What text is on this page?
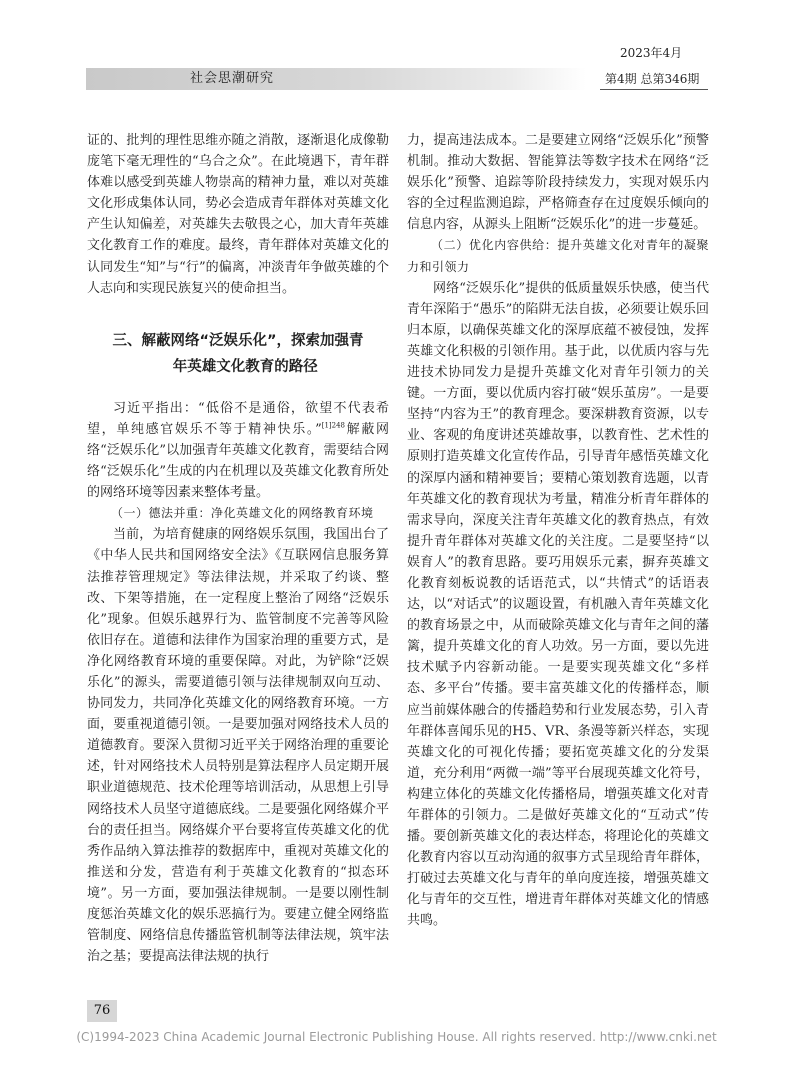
社会思潮研究
2023年4月
第4期 总第346期

证的、批判的理性思维亦随之消散，逐渐退化成像勒庞笔下毫无理性的“乌合之众”。在此境遇下，青年群体难以感受到英雄人物崇高的精神力量，难以对英雄文化形成集体认同，势必会造成青年群体对英雄文化产生认知偏差，对英雄失去敬畏之心，加大青年英雄文化教育工作的难度。最终，青年群体对英雄文化的认同发生“知”与“行”的偏离，冲淡青年争做英雄的个人志向和实现民族复兴的使命担当。

三、解蔽网络“泛娱乐化”，探索加强青
年英雄文化教育的路径

习近平指出：“低俗不是通俗，欲望不代表希望，单纯感官娱乐不等于精神快乐。”$^{[1]248}$解蔽网络“泛娱乐化”以加强青年英雄文化教育，需要结合网络“泛娱乐化”生成的内在机理以及英雄文化教育所处的网络环境等因素来整体考量。

（一）德法并重：净化英雄文化的网络教育环境

当前，为培育健康的网络娱乐氛围，我国出台了《中华人民共和国网络安全法》《互联网信息服务算法推荐管理规定》等法律法规，并采取了约谈、整改、下架等措施，在一定程度上整治了网络“泛娱乐化”现象。但娱乐越界行为、监管制度不完善等风险依旧存在。道德和法律作为国家治理的重要方式，是净化网络教育环境的重要保障。对此，为铲除“泛娱乐化”的源头，需要道德引领与法律规制双向互动、协同发力，共同净化英雄文化的网络教育环境。一方面，要重视道德引领。一是要加强对网络技术人员的道德教育。要深入贯彻习近平关于网络治理的重要论述，针对网络技术人员特别是算法程序人员定期开展职业道德规范、技术伦理等培训活动，从思想上引导网络技术人员坚守道德底线。二是要强化网络媒介平台的责任担当。网络媒介平台要将宣传英雄文化的优秀作品纳入算法推荐的数据库中，重视对英雄文化的推送和分发，营造有利于英雄文化教育的“拟态环境”。另一方面，要加强法律规制。一是要以刚性制度惩治英雄文化的娱乐恶搞行为。要建立健全网络监管制度、网络信息传播监管机制等法律法规，筑牢法治之基；要提高法律法规的执行

力，提高违法成本。二是要建立网络“泛娱乐化”预警机制。推动大数据、智能算法等数字技术在网络“泛娱乐化”预警、追踪等阶段持续发力，实现对娱乐内容的全过程监测追踪，严格筛查存在过度娱乐倾向的信息内容，从源头上阻断“泛娱乐化”的进一步蔓延。

（二）优化内容供给：提升英雄文化对青年的凝聚力和引领力

网络“泛娱乐化”提供的低质量娱乐快感，使当代青年深陷于“愚乐”的陷阱无法自拔，必须要让娱乐回归本原，以确保英雄文化的深厚底蕴不被侵蚀，发挥英雄文化积极的引领作用。基于此，以优质内容与先进技术协同发力是提升英雄文化对青年引领力的关键。一方面，要以优质内容打破“娱乐茧房”。一是要坚持“内容为王”的教育理念。要深耕教育资源，以专业、客观的角度讲述英雄故事，以教育性、艺术性的原则打造英雄文化宣传作品，引导青年感悟英雄文化的深厚内涵和精神要旨；要精心策划教育选题，以青年英雄文化的教育现状为考量，精准分析青年群体的需求导向，深度关注青年英雄文化的教育热点，有效提升青年群体对英雄文化的关注度。二是要坚持“以娱育人”的教育思路。要巧用娱乐元素，摒弃英雄文化教育刻板说教的话语范式，以“共情式”的话语表达，以“对话式”的议题设置，有机融入青年英雄文化的教育场景之中，从而破除英雄文化与青年之间的藩篱，提升英雄文化的育人功效。另一方面，要以先进技术赋予内容新动能。一是要实现英雄文化“多样态、多平台”传播。要丰富英雄文化的传播样态，顺应当前媒体融合的传播趋势和行业发展态势，引入青年群体喜闻乐见的H5、VR、条漫等新兴样态，实现英雄文化的可视化传播；要拓宽英雄文化的分发渠道，充分利用“两微一端”等平台展现英雄文化符号，构建立体化的英雄文化传播格局，增强英雄文化对青年群体的引领力。二是做好英雄文化的“互动式”传播。要创新英雄文化的表达样态，将理论化的英雄文化教育内容以互动沟通的叙事方式呈现给青年群体，打破过去英雄文化与青年的单向度连接，增强英雄文化与青年的交互性，增进青年群体对英雄文化的情感共鸣。

76
(C)1994-2023 China Academic Journal Electronic Publishing House. All rights reserved. http://www.cnki.net
